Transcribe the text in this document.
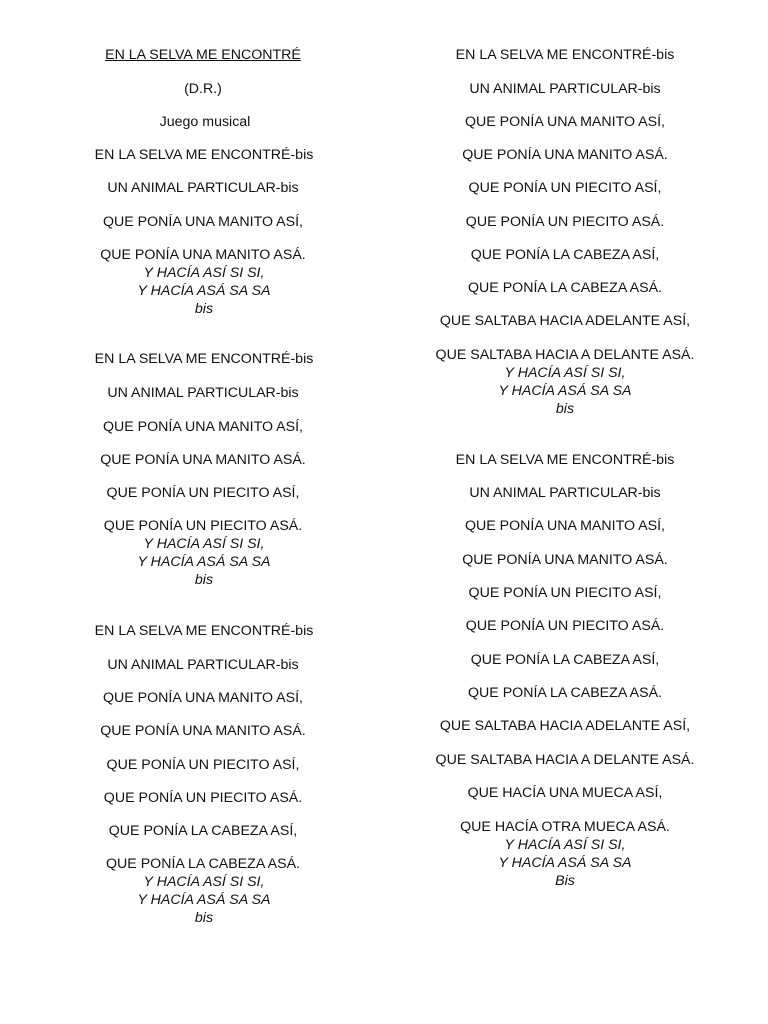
EN LA SELVA ME ENCONTRÉ
(D.R.)
Juego musical
EN LA SELVA ME ENCONTRÉ-bis
UN ANIMAL PARTICULAR-bis
QUE PONÍA UNA MANITO ASÍ,
QUE PONÍA UNA MANITO ASÁ.
Y HACÍA ASÍ SI SI,
Y HACÍA ASÁ SA SA
bis
EN LA SELVA ME ENCONTRÉ-bis
UN ANIMAL PARTICULAR-bis
QUE PONÍA UNA MANITO ASÍ,
QUE PONÍA UNA MANITO ASÁ.
QUE PONÍA UN PIECITO ASÍ,
QUE PONÍA UN PIECITO ASÁ.
Y HACÍA ASÍ SI SI,
Y HACÍA ASÁ SA SA
bis
EN LA SELVA ME ENCONTRÉ-bis
UN ANIMAL PARTICULAR-bis
QUE PONÍA UNA MANITO ASÍ,
QUE PONÍA UNA MANITO ASÁ.
QUE PONÍA UN PIECITO ASÍ,
QUE PONÍA UN PIECITO ASÁ.
QUE PONÍA LA CABEZA ASÍ,
QUE PONÍA LA CABEZA ASÁ.
Y HACÍA ASÍ SI SI,
Y HACÍA ASÁ SA SA
bis
EN LA SELVA ME ENCONTRÉ-bis
UN ANIMAL PARTICULAR-bis
QUE PONÍA UNA MANITO ASÍ,
QUE PONÍA UNA MANITO ASÁ.
QUE PONÍA UN PIECITO ASÍ,
QUE PONÍA UN PIECITO ASÁ.
QUE PONÍA LA CABEZA ASÍ,
QUE PONÍA LA CABEZA ASÁ.
QUE SALTABA HACIA ADELANTE ASÍ,
QUE SALTABA HACIA A DELANTE ASÁ.
Y HACÍA ASÍ SI SI,
Y HACÍA ASÁ SA SA
bis
EN LA SELVA ME ENCONTRÉ-bis
UN ANIMAL PARTICULAR-bis
QUE PONÍA UNA MANITO ASÍ,
QUE PONÍA UNA MANITO ASÁ.
QUE PONÍA UN PIECITO ASÍ,
QUE PONÍA UN PIECITO ASÁ.
QUE PONÍA LA CABEZA ASÍ,
QUE PONÍA LA CABEZA ASÁ.
QUE SALTABA HACIA ADELANTE ASÍ,
QUE SALTABA HACIA A DELANTE ASÁ.
QUE HACÍA UNA MUECA ASÍ,
QUE HACÍA OTRA MUECA ASÁ.
Y HACÍA ASÍ SI SI,
Y HACÍA ASÁ SA SA
Bis
